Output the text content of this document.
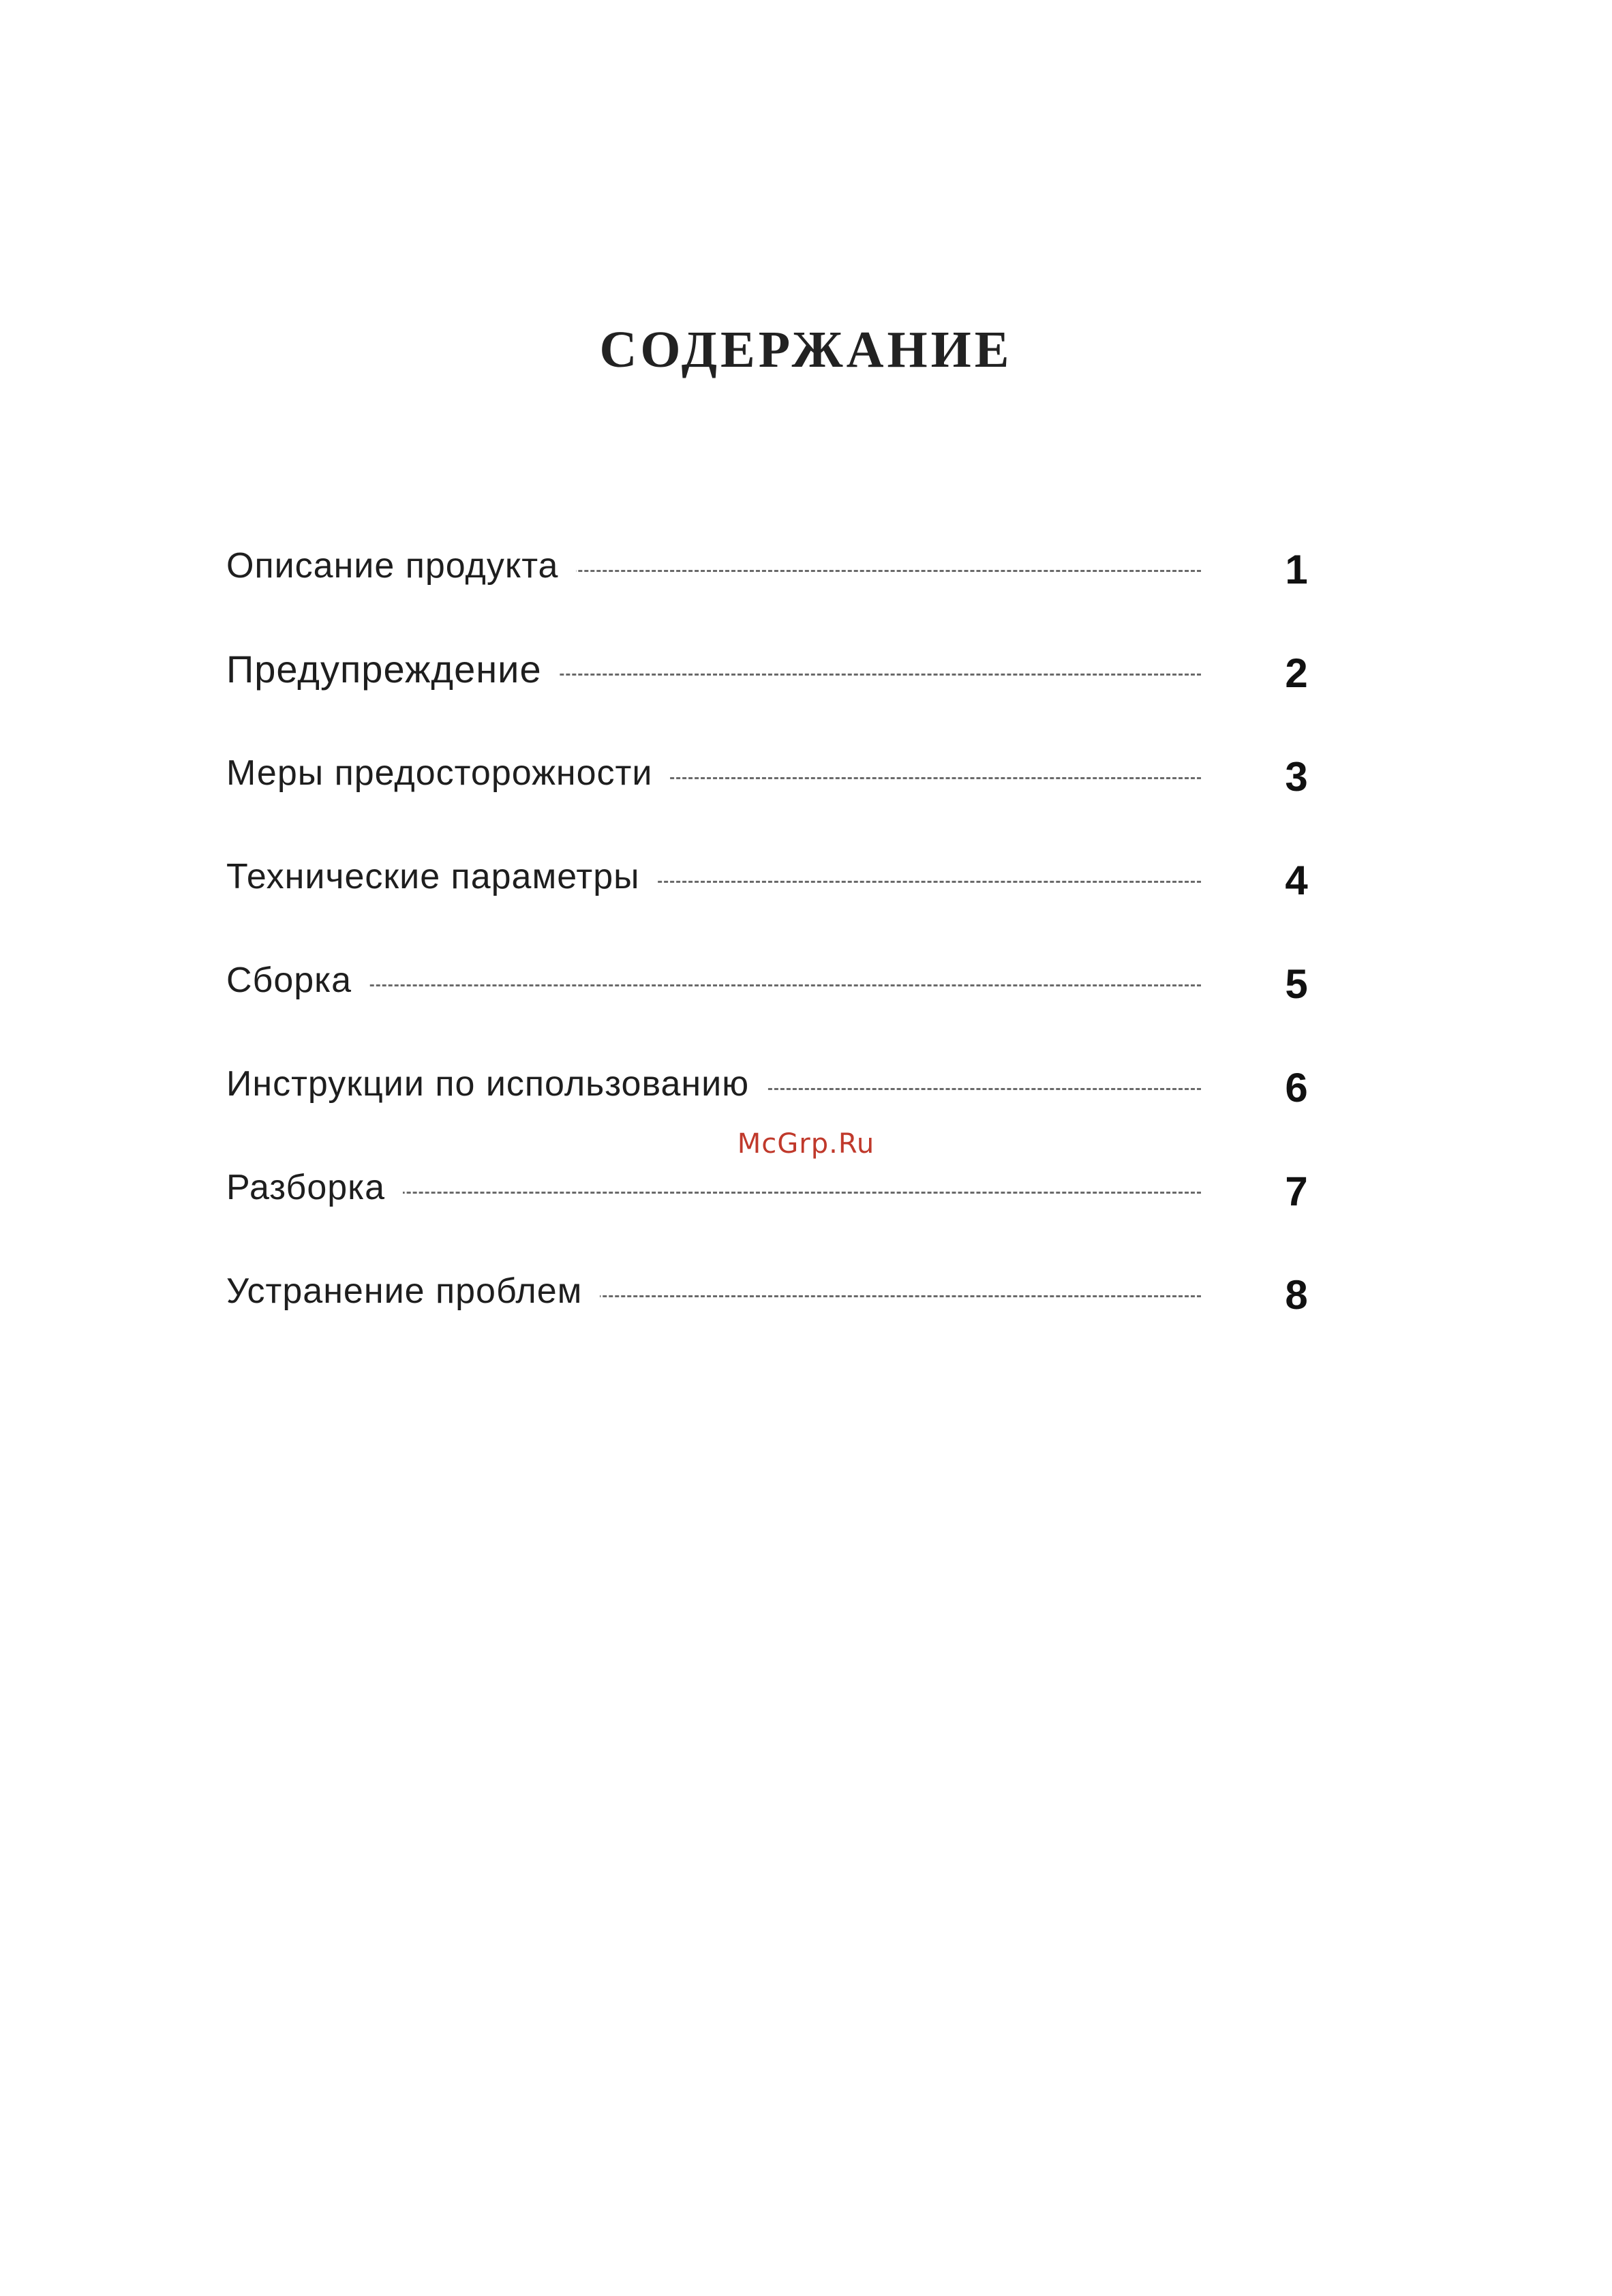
СОДЕРЖАНИЕ
Описание продукта	1
Предупреждение	2
Меры предосторожности	3
Технические параметры	4
Сборка	5
Инструкции по использованию	6
Разборка	7
Устранение проблем	8
McGrp.Ru
